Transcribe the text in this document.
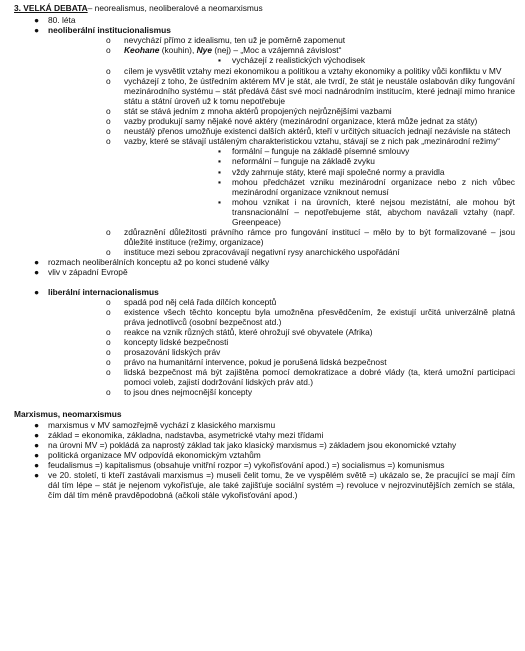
3. VELKÁ DEBATA– neorealismus, neoliberalové a neomarxismus
● 80. léta
● neoliberální institucionalismus
o nevychází přímo z idealismu, ten už je poměrně zapomenut
o Keohane (kouhin), Nye (nej) – „Moc a vzájemná závislost“
▪ vycházejí z realistických východisek
o cílem je vysvětlit vztahy mezi ekonomikou a politikou a vztahy ekonomiky a politiky vůči konfliktu v MV
o vycházejí z toho, že ústředním aktérem MV je stát, ale tvrdí, že stát je neustále oslabován díky fungování mezinárodního systému – stát předává část své moci nadnárodním institucím, které jednají mimo hranice státu a státní úroveň už k tomu nepotřebuje
o stát se stává jedním z mnoha aktérů propojených nejrůznějšími vazbami
o vazby produkují samy nějaké nové aktéry (mezinárodní organizace, která může jednat za státy)
o neustálý přenos umožňuje existenci dalších aktérů, kteří v určitých situacích jednají nezávisle na státech
o vazby, které se stávají ustáleným charakteristickou vztahu, stávají se z nich pak „mezinárodní režimy“
▪ formální – funguje na základě písemné smlouvy
▪ neformální – funguje na základě zvyku
▪ vždy zahrnuje státy, které mají společné normy a pravidla
▪ mohou předcházet vzniku mezinárodní organizace nebo z nich vůbec mezinárodní organizace vzniknout nemusí
▪ mohou vznikat i na úrovních, které nejsou mezistátní, ale mohou být transnacionální – nepotřebujeme stát, abychom navázali vztahy (např. Greenpeace)
o zdůraznění důležitosti právního rámce pro fungování institucí – mělo by to být formalizované – jsou důležité instituce (režimy, organizace)
o instituce mezi sebou zpracovávají negativní rysy anarchického uspořádání
● rozmach neoliberálních konceptu až po konci studené války
● vliv v západní Evropě
● liberální internacionalismus
o spadá pod něj celá řada dílčích konceptů
o existence všech těchto konceptu byla umožněna přesvědčením, že existují určitá univerzálně platná práva jednotlivců (osobní bezpečnost atd.)
o reakce na vznik různých států, které ohrožují své obyvatele (Afrika)
o koncepty lidské bezpečnosti
o prosazování lidských práv
o právo na humanitární intervence, pokud je porušená lidská bezpečnost
o lidská bezpečnost má být zajištěna pomocí demokratizace a dobré vlády (ta, která umožní participaci pomoci voleb, zajistí dodržování lidských práv atd.)
o to jsou dnes nejmocnější koncepty
Marxismus, neomarxismus
● marxismus v MV samozřejmě vychází z klasického marxismu
● základ = ekonomika, základna, nadstavba, asymetrické vtahy mezi třídami
● na úrovni MV =) pokládá za naprostý základ tak jako klasický marxismus =) základem jsou ekonomické vztahy
● politická organizace MV odpovídá ekonomickým vztahům
● feudalismus =) kapitalismus (obsahuje vnitřní rozpor =) vykořisťování apod.) =) socialismus =) komunismus
● ve 20. století, ti kteří zastávali marxismus =) museli čelit tomu, že ve vyspělém světě =) ukázalo se, že pracující se mají čím dál tím lépe – stát je nejenom vykořisťuje, ale také zajišťuje sociální systém =) revoluce v nejrozvinutějších zemích se stála, čím dál tím méně pravděpodobná (ačkoli stále vykořisťování apod.)
